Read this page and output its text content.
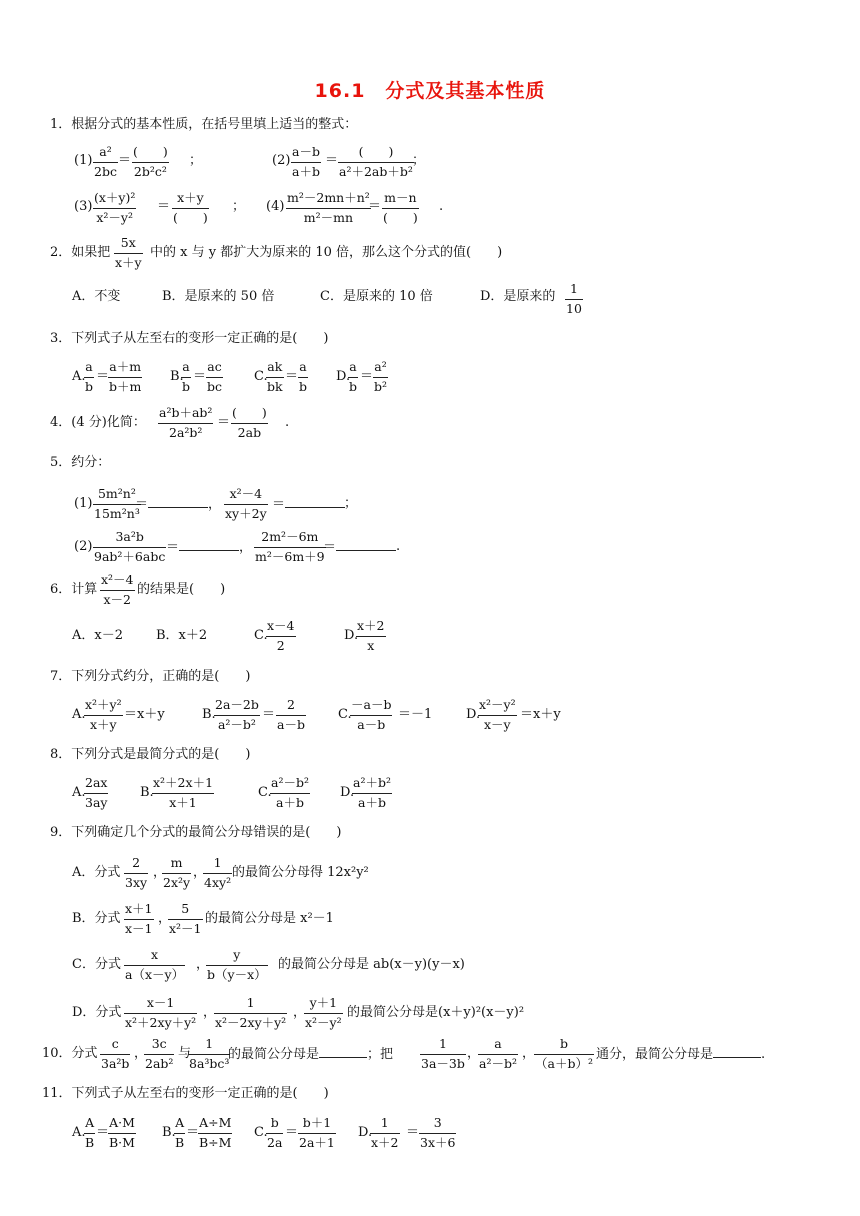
16.1　分式及其基本性质
1．根据分式的基本性质，在括号里填上适当的整式：
(1)
a²
2bc
＝
(　　)
2b²c²
；	(2)
a－b
a＋b
＝
(　　)
a²＋2ab＋b²
；
(3)
(x＋y)²
x²－y²
＝
x＋y
(　　)
； (4)
m²－2mn＋n²
m²－mn
＝
m－n
(　　)
.
2．如果把
5x
x＋y
中的 x 与 y 都扩大为原来的 10 倍，那么这个分式的值(　　)
A．不变	B．是原来的 50 倍	C．是原来的 10 倍	D．是原来的
1
10
3．下列式子从左至右的变形一定正确的是(　　)
A.
a
b
＝
a＋m
b＋m
B.
a
b
＝
ac
bc
C.
ak
bk
＝
a
b
D.
a
b
＝
a²
b²
4．(4 分)化简：
a²b＋ab²
2a²b²
＝
(　　)
2ab
.
5．约分：
(1)
5m²n²
15m²n³
＝	，
x²－4
xy＋2y
＝	；
(2)
3a²b
9ab²＋6abc
＝	，
2m²－6m
m²－6m＋9
＝	.
6．计算
x²－4
x－2
的结果是(　　)
A．x－2	B．x＋2	C.
x－4
2
D.
x＋2
x
7．下列分式约分，正确的是(　　)
A.
x²＋y²
x＋y
＝x＋y	B.
2a－2b
a²－b²
＝
2
a－b
C.
－a－b
a－b
＝－1	D.
x²－y²
x－y
＝x＋y
8．下列分式是最简分式的是(　　)
A.
2ax
3ay
B.
x²＋2x＋1
x＋1
C.
a²－b²
a＋b
D.
a²＋b²
a＋b
9．下列确定几个分式的最简公分母错误的是(　　)
A．分式
2
3xy
，
m
2x²y
，
1
4xy²
的最简公分母得 12x²y²
B．分式
x＋1
x－1
，
5
x²－1
的最简公分母是 x²－1
C．分式
x
a（x－y）
，
y
b（y－x）
的最简公分母是 ab(x－y)(y－x)
D．分式
x－1
x²＋2xy＋y²
，
1
x²－2xy＋y²
，
y＋1
x²－y²
的最简公分母是(x＋y)²(x－y)²
10．分式
c
3a²b
，
3c
2ab²
与
1
8a³bc³
的最简公分母是	；把
1
3a－3b
，
a
a²－b²
，
b
（a＋b）²
通分，最简公分母是	.
11．下列式子从左至右的变形一定正确的是(　　)
A.
A
B
＝
A·M
B·M
B.
A
B
＝
A÷M
B÷M
C.
b
2a
＝
b＋1
2a＋1
D.
1
x＋2
＝
3
3x＋6
